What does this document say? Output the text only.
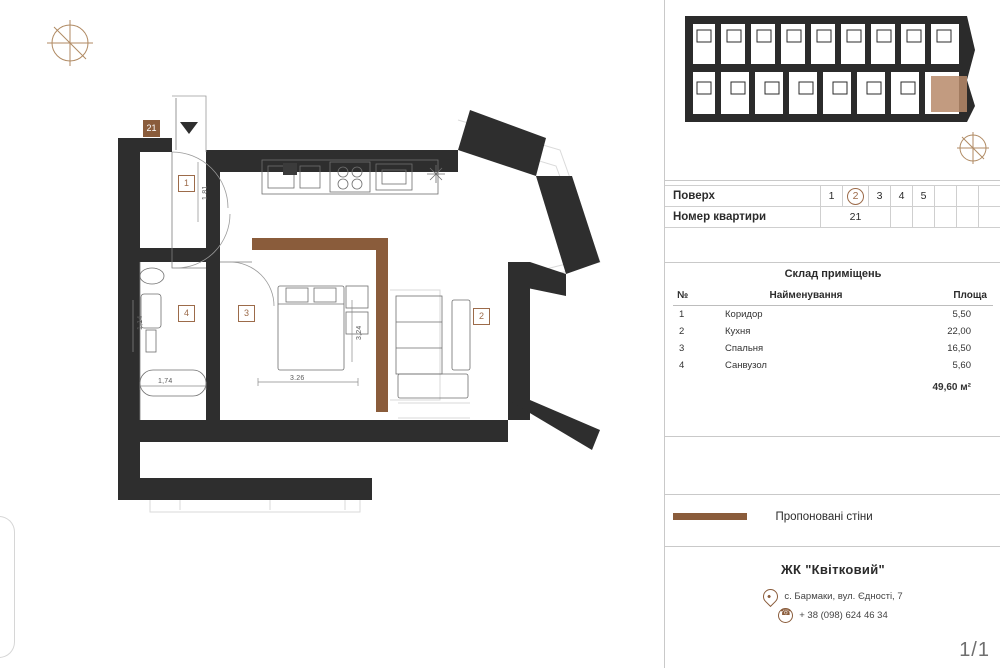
21
1
2
3
4
3.26
1,74
1.81
3,24
1,14
Поверх	1	2	3	4	5			
Номер квартири	21							
Склад приміщень
№	Найменування	Площа
1	Коридор	5,50
2	Кухня	22,00
3	Спальня	16,50
4	Санвузол	5,60
		49,60 м²
Пропоновані стіни
ЖК "Квітковий"
с. Бармаки, вул. Єдності, 7
☎
+ 38 (098) 624 46 34
1/1
